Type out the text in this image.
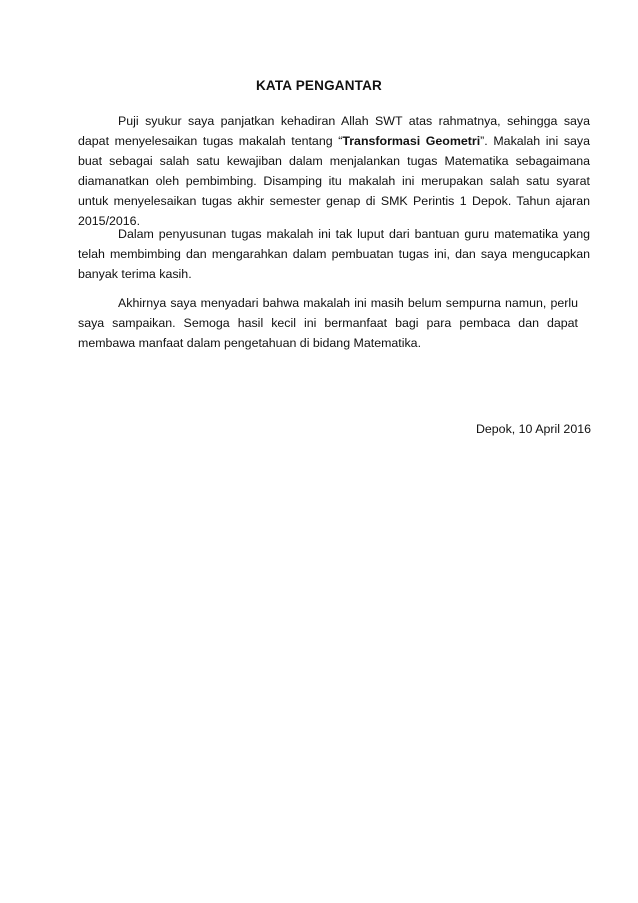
KATA PENGANTAR

Puji syukur saya panjatkan kehadiran Allah SWT atas rahmatnya, sehingga saya dapat menyelesaikan tugas makalah tentang “Transformasi Geometri”. Makalah ini saya buat sebagai salah satu kewajiban dalam menjalankan tugas Matematika sebagaimana diamanatkan oleh pembimbing. Disamping itu makalah ini merupakan salah satu syarat untuk menyelesaikan tugas akhir semester genap di SMK Perintis 1 Depok. Tahun ajaran 2015/2016.

Dalam penyusunan tugas makalah ini tak luput dari bantuan guru matematika yang telah membimbing dan mengarahkan dalam pembuatan tugas ini, dan saya mengucapkan banyak terima kasih.

Akhirnya saya menyadari bahwa makalah ini masih belum sempurna namun, perlu saya sampaikan. Semoga hasil kecil ini bermanfaat bagi para pembaca dan dapat membawa manfaat dalam pengetahuan di bidang Matematika.

Depok, 10 April 2016
